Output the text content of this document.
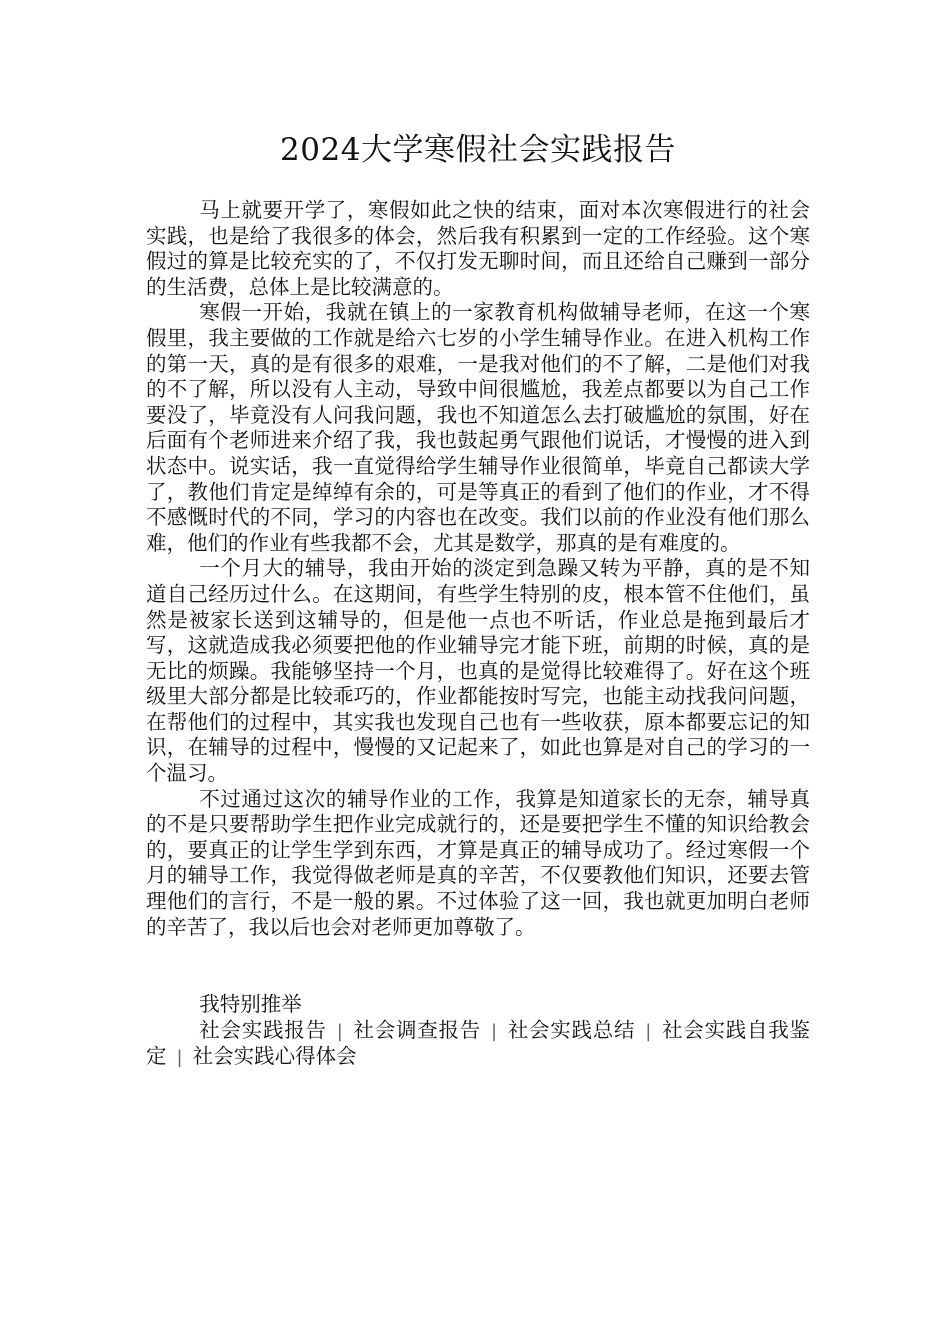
2024大学寒假社会实践报告

马上就要开学了，寒假如此之快的结束，面对本次寒假进行的社会实践，也是给了我很多的体会，然后我有积累到一定的工作经验。这个寒假过的算是比较充实的了，不仅打发无聊时间，而且还给自己赚到一部分的生活费，总体上是比较满意的。

寒假一开始，我就在镇上的一家教育机构做辅导老师，在这一个寒假里，我主要做的工作就是给六七岁的小学生辅导作业。在进入机构工作的第一天，真的是有很多的艰难，一是我对他们的不了解，二是他们对我的不了解，所以没有人主动，导致中间很尴尬，我差点都要以为自己工作要没了，毕竟没有人问我问题，我也不知道怎么去打破尴尬的氛围，好在后面有个老师进来介绍了我，我也鼓起勇气跟他们说话，才慢慢的进入到状态中。说实话，我一直觉得给学生辅导作业很简单，毕竟自己都读大学了，教他们肯定是绰绰有余的，可是等真正的看到了他们的作业，才不得不感慨时代的不同，学习的内容也在改变。我们以前的作业没有他们那么难，他们的作业有些我都不会，尤其是数学，那真的是有难度的。

一个月大的辅导，我由开始的淡定到急躁又转为平静，真的是不知道自己经历过什么。在这期间，有些学生特别的皮，根本管不住他们，虽然是被家长送到这辅导的，但是他一点也不听话，作业总是拖到最后才写，这就造成我必须要把他的作业辅导完才能下班，前期的时候，真的是无比的烦躁。我能够坚持一个月，也真的是觉得比较难得了。好在这个班级里大部分都是比较乖巧的，作业都能按时写完，也能主动找我问问题，在帮他们的过程中，其实我也发现自己也有一些收获，原本都要忘记的知识，在辅导的过程中，慢慢的又记起来了，如此也算是对自己的学习的一个温习。

不过通过这次的辅导作业的工作，我算是知道家长的无奈，辅导真的不是只要帮助学生把作业完成就行的，还是要把学生不懂的知识给教会的，要真正的让学生学到东西，才算是真正的辅导成功了。经过寒假一个月的辅导工作，我觉得做老师是真的辛苦，不仅要教他们知识，还要去管理他们的言行，不是一般的累。不过体验了这一回，我也就更加明白老师的辛苦了，我以后也会对老师更加尊敬了。

我特别推举

社会实践报告 | 社会调查报告 | 社会实践总结 | 社会实践自我鉴定 | 社会实践心得体会
